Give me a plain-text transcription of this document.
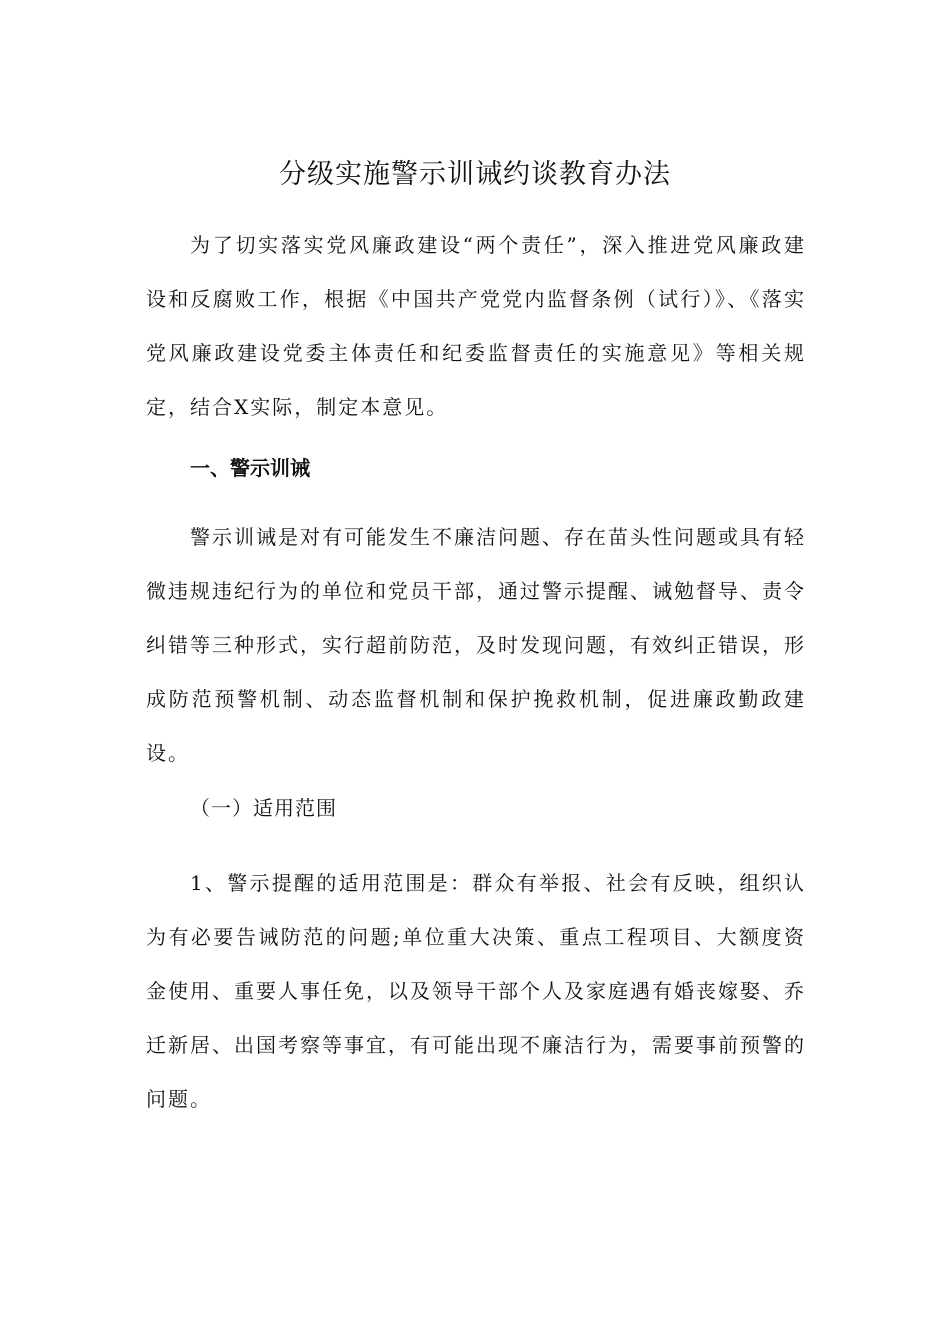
分级实施警示训诫约谈教育办法

为了切实落实党风廉政建设“两个责任”，深入推进党风廉政建设和反腐败工作，根据《中国共产党党内监督条例（试行）》、《落实党风廉政建设党委主体责任和纪委监督责任的实施意见》等相关规定，结合X实际，制定本意见。

一、警示训诫

警示训诫是对有可能发生不廉洁问题、存在苗头性问题或具有轻微违规违纪行为的单位和党员干部，通过警示提醒、诫勉督导、责令纠错等三种形式，实行超前防范，及时发现问题，有效纠正错误，形成防范预警机制、动态监督机制和保护挽救机制，促进廉政勤政建设。

（一）适用范围

1、警示提醒的适用范围是：群众有举报、社会有反映，组织认为有必要告诫防范的问题;单位重大决策、重点工程项目、大额度资金使用、重要人事任免，以及领导干部个人及家庭遇有婚丧嫁娶、乔迁新居、出国考察等事宜，有可能出现不廉洁行为，需要事前预警的问题。
